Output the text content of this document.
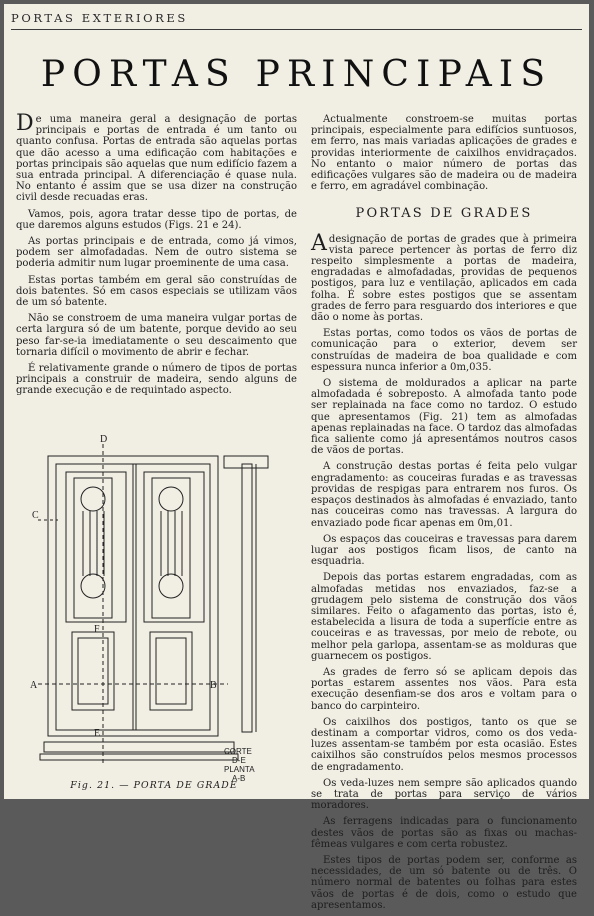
PORTAS EXTERIORES
PORTAS PRINCIPAIS

De uma maneira geral a designação de portas principais e portas de entrada é um tanto ou quanto confusa. Portas de entrada são aquelas portas que dão acesso a uma edificação com habitações e portas principais são aquelas que num edifício fazem a sua entrada principal. A diferenciação é quase nula. No entanto é assim que se usa dizer na construção civil desde recuadas eras.

Vamos, pois, agora tratar desse tipo de portas, de que daremos alguns estudos (Figs. 21 e 24).

As portas principais e de entrada, como já vimos, podem ser almofadadas. Nem de outro sistema se poderia admitir num lugar proeminente de uma casa.

Estas portas também em geral são construídas de dois batentes. Só em casos especiais se utilizam vãos de um só batente.

Não se constroem de uma maneira vulgar portas de certa largura só de um batente, porque devido ao seu peso far-se-ia imediatamente o seu descaimento que tornaria difícil o movimento de abrir e fechar.

É relativamente grande o número de tipos de portas principais a construir de madeira, sendo alguns de grande execução e de requintado aspecto.

Actualmente constroem-se muitas portas principais, especialmente para edifícios suntuosos, em ferro, nas mais variadas aplicações de grades e providas interiormente de caixilhos envidraçados. No entanto o maior número de portas das edificações vulgares são de madeira ou de madeira e ferro, em agradável combinação.

PORTAS DE GRADES

Adesignação de portas de grades que à primeira vista parece pertencer às portas de ferro diz respeito simplesmente a portas de madeira, engradadas e almofadadas, providas de pequenos postigos, para luz e ventilação, aplicados em cada folha. É sobre estes postigos que se assentam grades de ferro para resguardo dos interiores e que dão o nome às portas.

Estas portas, como todos os vãos de portas de comunicação para o exterior, devem ser construídas de madeira de boa qualidade e com espessura nunca inferior a 0m,035.

O sistema de moldurados a aplicar na parte almofadada é sobreposto. A almofada tanto pode ser replainada na face como no tardoz. O estudo que apresentamos (Fig. 21) tem as almofadas apenas replainadas na face. O tardoz das almofadas fica saliente como já apresentámos noutros casos de vãos de portas.

A construção destas portas é feita pelo vulgar engradamento: as couceiras furadas e as travessas providas de respigas para entrarem nos furos. Os espaços destinados às almofadas é envaziado, tanto nas couceiras como nas travessas. A largura do envaziado pode ficar apenas em 0m,01.

Os espaços das couceiras e travessas para darem lugar aos postigos ficam lisos, de canto na esquadria.

Depois das portas estarem engradadas, com as almofadas metidas nos envaziados, faz-se a grudagem pelo sistema de construção dos vãos similares. Feito o afagamento das portas, isto é, estabelecida a lisura de toda a superfície entre as couceiras e as travessas, por meio de rebote, ou melhor pela garlopa, assentam-se as molduras que guarnecem os postigos.

As grades de ferro só se aplicam depois das portas estarem assentes nos vãos. Para esta execução desenfiam-se dos aros e voltam para o banco do carpinteiro.

Os caixilhos dos postigos, tanto os que se destinam a comportar vidros, como os dos veda-luzes assentam-se também por esta ocasião. Estes caixilhos são construídos pelos mesmos processos de engradamento.

Os veda-luzes nem sempre são aplicados quando se trata de portas para serviço de vários moradores.

As ferragens indicadas para o funcionamento destes vãos de portas são as fixas ou machas-fêmeas vulgares e com certa robustez.

Estes tipos de portas podem ser, conforme as necessidades, de um só batente ou de três. O número normal de batentes ou folhas para estes vãos de portas é de dois, como o estudo que apresentamos.

D
C
F
A	B
E
CORTE
D-E
PLANTA
A-B
Fig. 21. — PORTA DE GRADE
